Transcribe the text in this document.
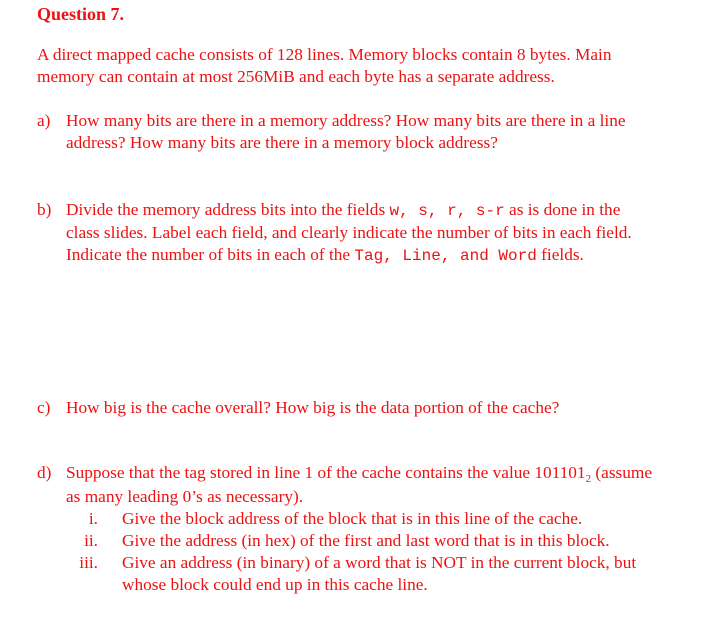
Question 7.
A direct mapped cache consists of 128 lines. Memory blocks contain 8 bytes. Main
memory can contain at most 256MiB and each byte has a separate address.
a) How many bits are there in a memory address? How many bits are there in a line
address? How many bits are there in a memory block address?
b) Divide the memory address bits into the fields w, s, r, s-r as is done in the
class slides. Label each field, and clearly indicate the number of bits in each field.
Indicate the number of bits in each of the Tag, Line, and Word fields.
c) How big is the cache overall? How big is the data portion of the cache?
d) Suppose that the tag stored in line 1 of the cache contains the value $101101_2$ (assume
as many leading 0’s as necessary).
i. Give the block address of the block that is in this line of the cache.
ii. Give the address (in hex) of the first and last word that is in this block.
iii. Give an address (in binary) of a word that is NOT in the current block, but
whose block could end up in this cache line.
